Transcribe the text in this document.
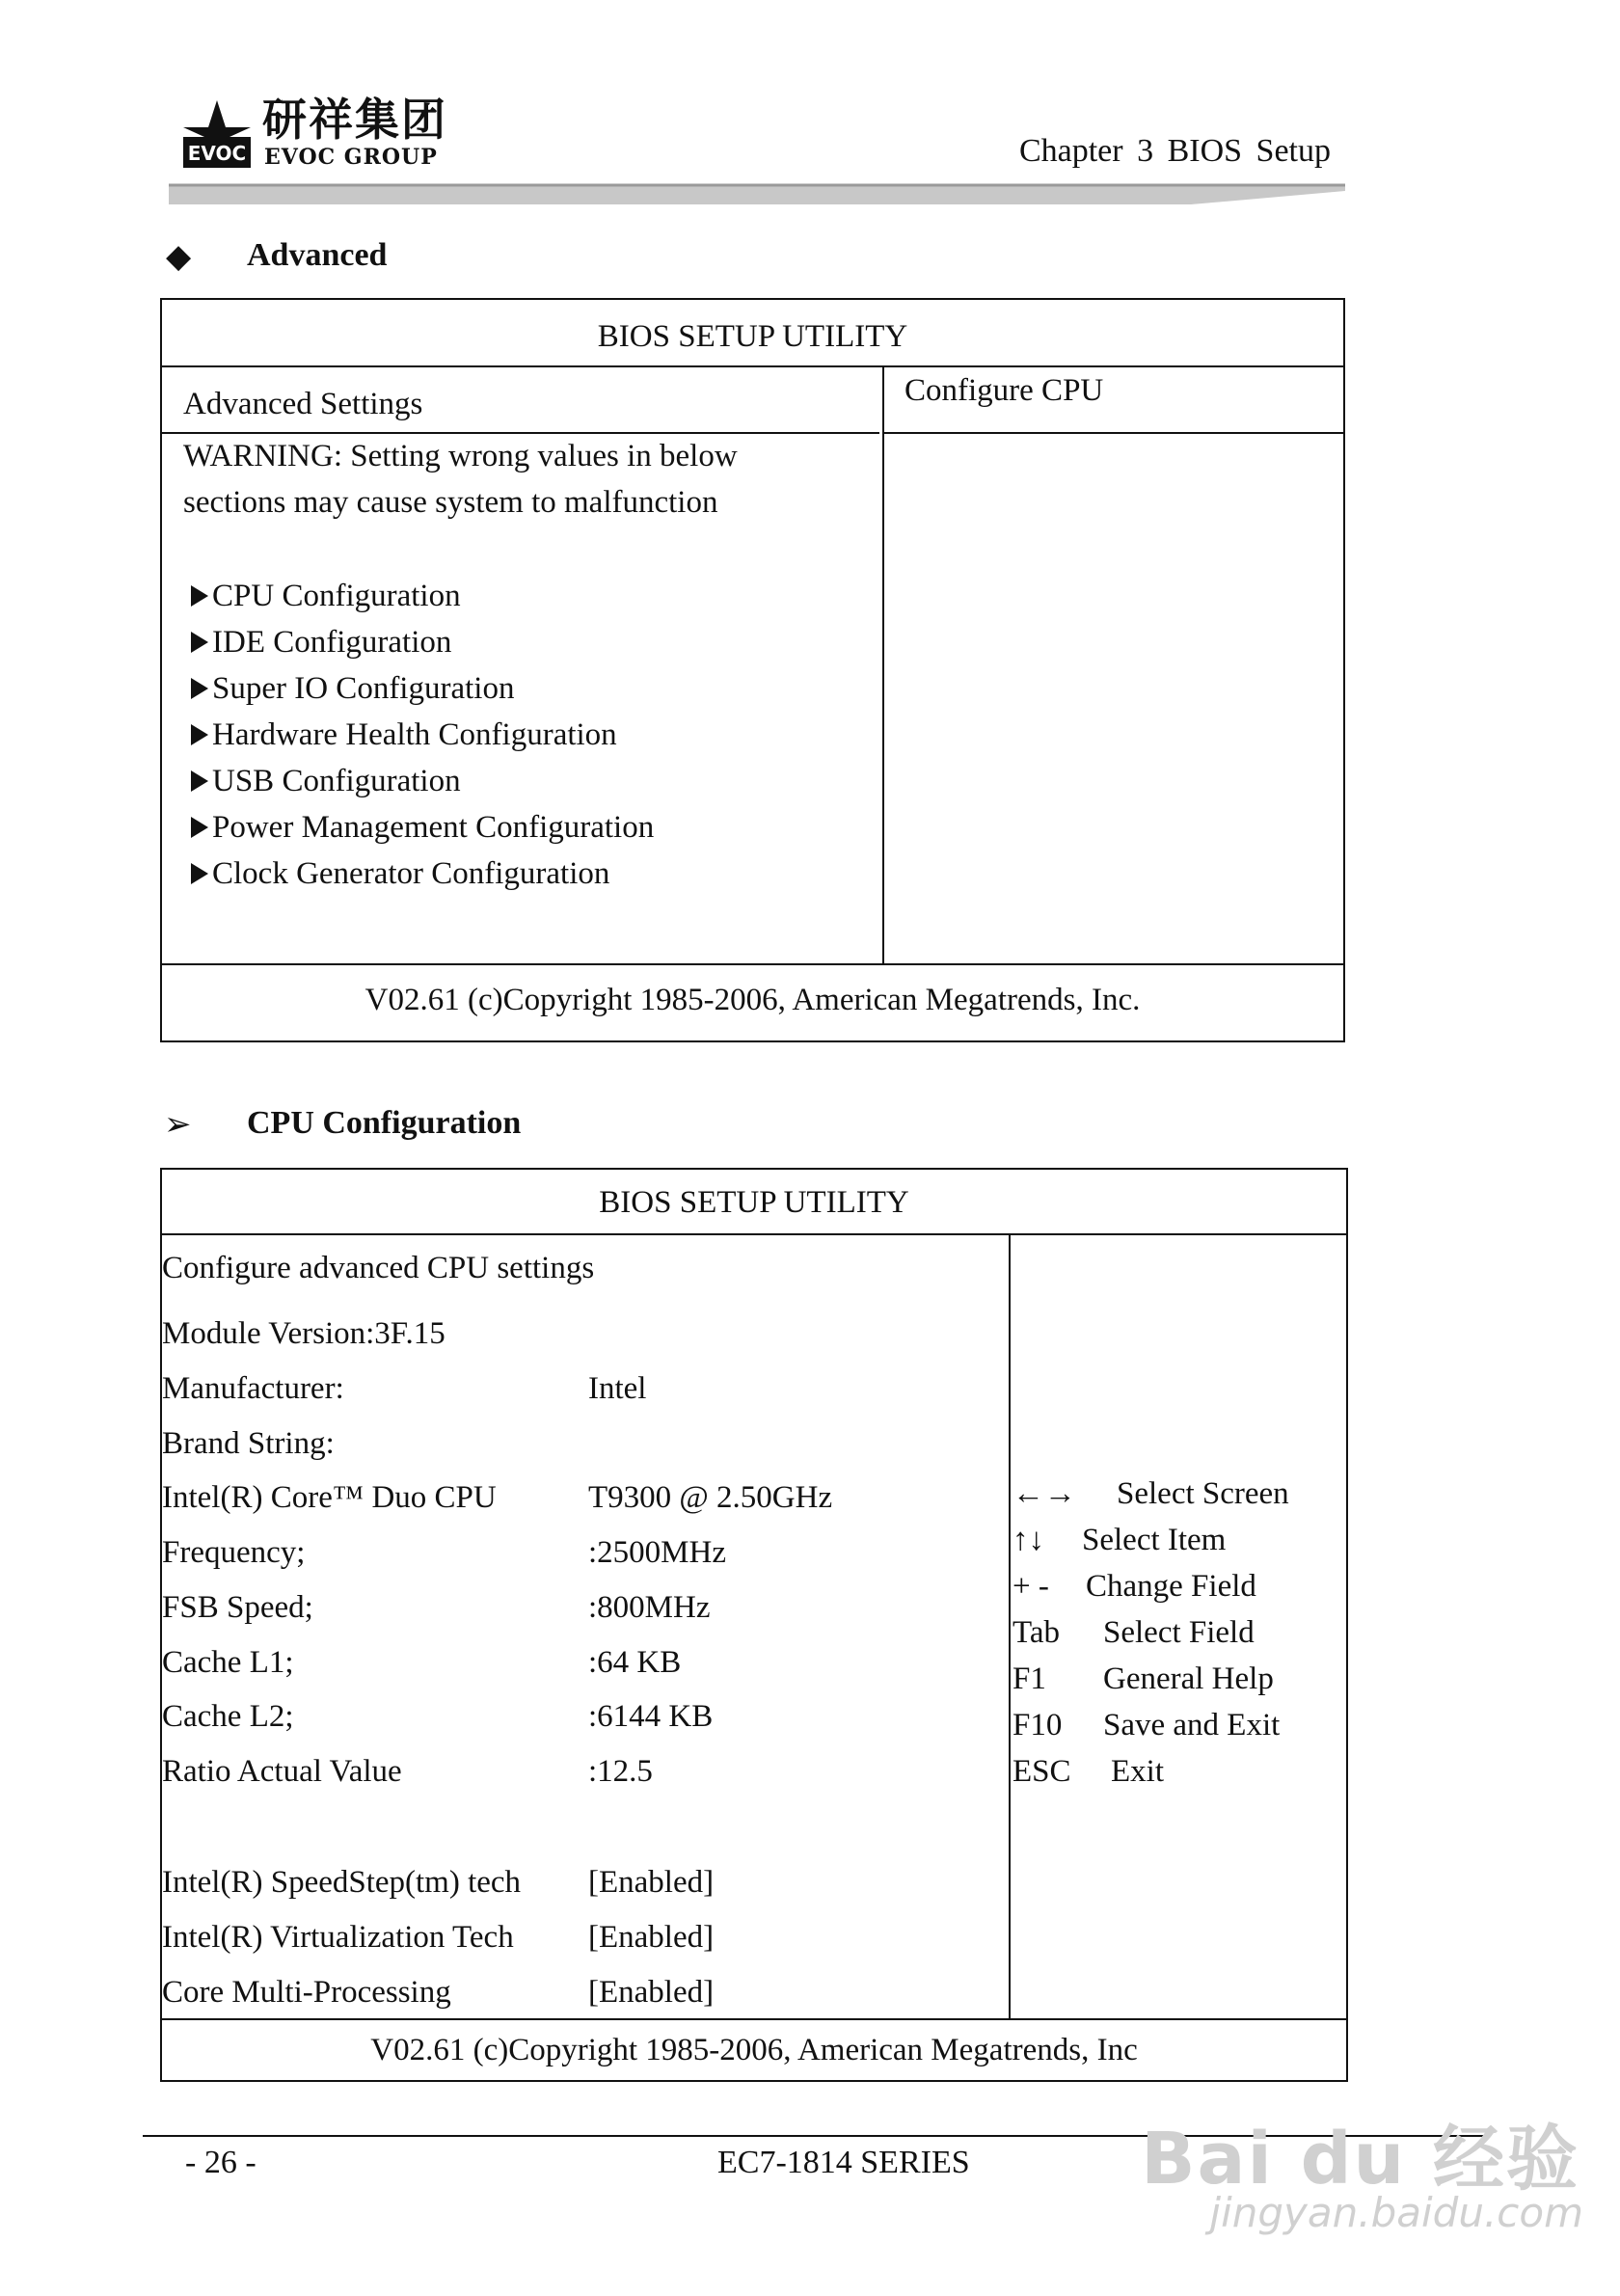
EVOC
研祥集团
EVOC GROUP	Chapter 3 BIOS Setup
◆ Advanced
BIOS SETUP UTILITY
Advanced Settings	Configure CPU
WARNING: Setting wrong values in below
sections may cause system to malfunction
CPU Configuration
IDE Configuration
Super IO Configuration
Hardware Health Configuration
USB Configuration
Power Management Configuration
Clock Generator Configuration
V02.61 (c)Copyright 1985-2006, American Megatrends, Inc.
➢ CPU Configuration
BIOS SETUP UTILITY
Configure advanced CPU settings
Module Version:3F.15
Manufacturer:	Intel
Brand String:
Intel(R) Core™ Duo CPU	T9300 @ 2.50GHz
Frequency;	:2500MHz
FSB Speed;	:800MHz
Cache L1;	:64 KB
Cache L2;	:6144 KB
Ratio Actual Value	:12.5
Intel(R) SpeedStep(tm) tech [Enabled]
Intel(R) Virtualization Tech [Enabled]
Core Multi-Processing	[Enabled]
←→ Select Screen
↑↓ Select Item
+ - Change Field
Tab Select Field
F1 General Help
F10 Save and Exit
ESC Exit
V02.61 (c)Copyright 1985-2006, American Megatrends, Inc
- 26 -	EC7-1814 SERIES Bai du 经验
jingyan.baidu.com
